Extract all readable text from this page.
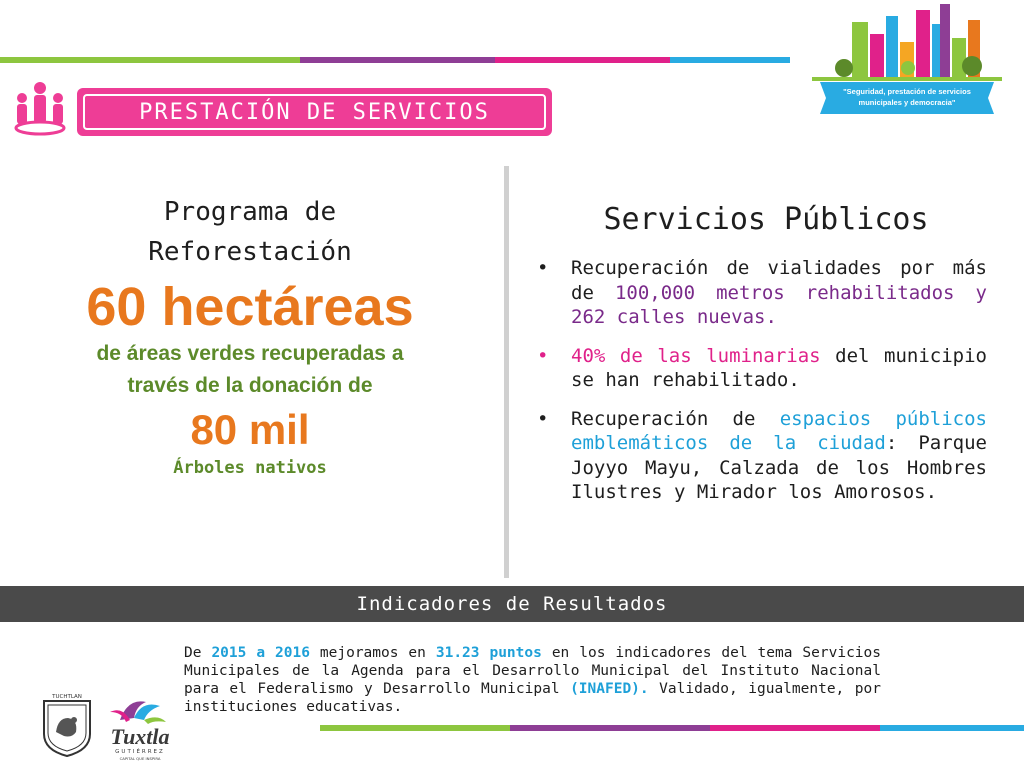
PRESTACIÓN DE SERVICIOS
"Seguridad, prestación de servicios
municipales y democracia"
Programa de
Reforestación
60 hectáreas
de áreas verdes recuperadas a
través de la donación de
80 mil
Árboles nativos
Servicios Públicos
• Recuperación de vialidades por más de 100,000 metros rehabilitados y 262 calles nuevas.
• 40% de las luminarias del municipio se han rehabilitado.
• Recuperación de espacios públicos emblemáticos de la ciudad: Parque Joyyo Mayu, Calzada de los Hombres Ilustres y Mirador los Amorosos.
Indicadores de Resultados
De 2015 a 2016 mejoramos en 31.23 puntos en los indicadores del tema Servicios Municipales de la Agenda para el Desarrollo Municipal del Instituto Nacional para el Federalismo y Desarrollo Municipal (INAFED). Validado, igualmente, por instituciones educativas.
TUCHTLAN
Tuxtla
GUTIÉRREZ
CAPITAL QUE INSPIRA
